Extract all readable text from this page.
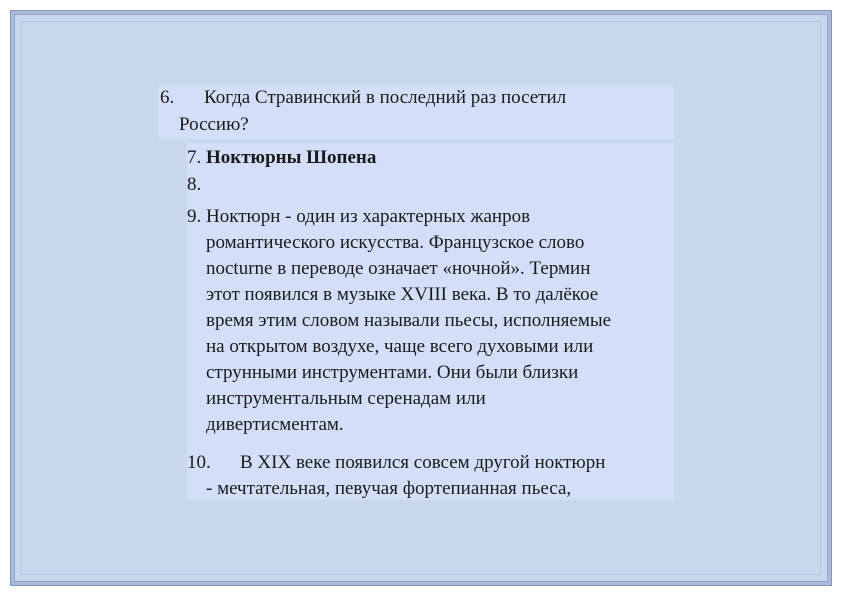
6. Когда Стравинский в последний раз посетил
Россию?
7. Ноктюрны Шопена
8.
9. Ноктюрн - один из характерных жанров
романтического искусства. Французское слово
nocturne в переводе означает «ночной». Термин
этот появился в музыке XVIII века. В то далёкое
время этим словом называли пьесы, исполняемые
на открытом воздухе, чаще всего духовыми или
струнными инструментами. Они были близки
инструментальным серенадам или
дивертисментам.
10.	В XIX веке появился совсем другой ноктюрн
- мечтательная, певучая фортепианная пьеса,
